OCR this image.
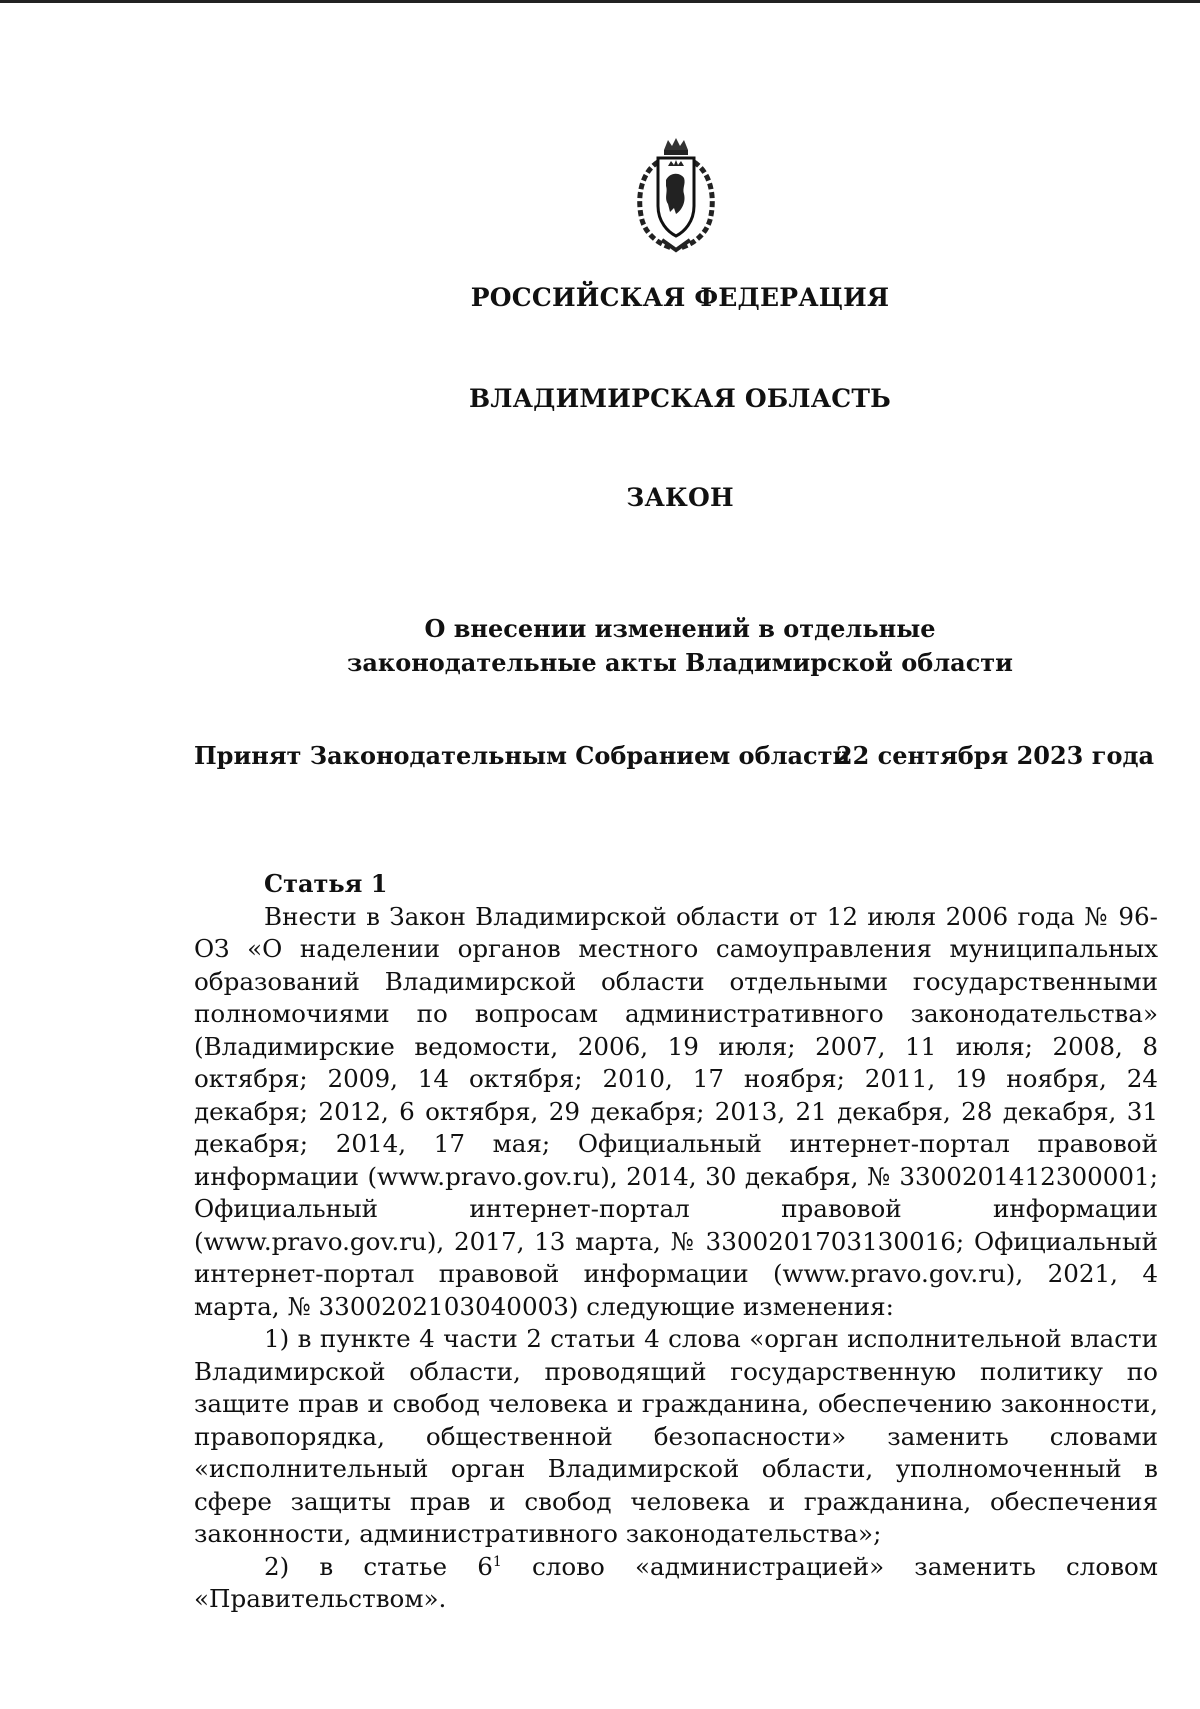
РОССИЙСКАЯ ФЕДЕРАЦИЯ
ВЛАДИМИРСКАЯ ОБЛАСТЬ
ЗАКОН
О внесении изменений в отдельные
законодательные акты Владимирской области
Принят Законодательным Собранием области
22 сентября 2023 года
Статья 1

Внести в Закон Владимирской области от 12 июля 2006 года № 96-ОЗ «О наделении органов местного самоуправления муниципальных образований Владимирской области отдельными государственными полномочиями по вопросам административного законодательства» (Владимирские ведомости, 2006, 19 июля; 2007, 11 июля; 2008, 8 октября; 2009, 14 октября; 2010, 17 ноября; 2011, 19 ноября, 24 декабря; 2012, 6 октября, 29 декабря; 2013, 21 декабря, 28 декабря, 31 декабря; 2014, 17 мая; Официальный интернет-портал правовой информации (www.pravo.gov.ru), 2014, 30 декабря, № 3300201412300001; Официальный интернет-портал правовой информации (www.pravo.gov.ru), 2017, 13 марта, № 3300201703130016; Официальный интернет-портал правовой информации (www.pravo.gov.ru), 2021, 4 марта, № 3300202103040003) следующие изменения:

1) в пункте 4 части 2 статьи 4 слова «орган исполнительной власти Владимирской области, проводящий государственную политику по защите прав и свобод человека и гражданина, обеспечению законности, правопорядка, общественной безопасности» заменить словами «исполнительный орган Владимирской области, уполномоченный в сфере защиты прав и свобод человека и гражданина, обеспечения законности, административного законодательства»;

2) в статье $6^1$ слово «администрацией» заменить словом

«Правительством».
